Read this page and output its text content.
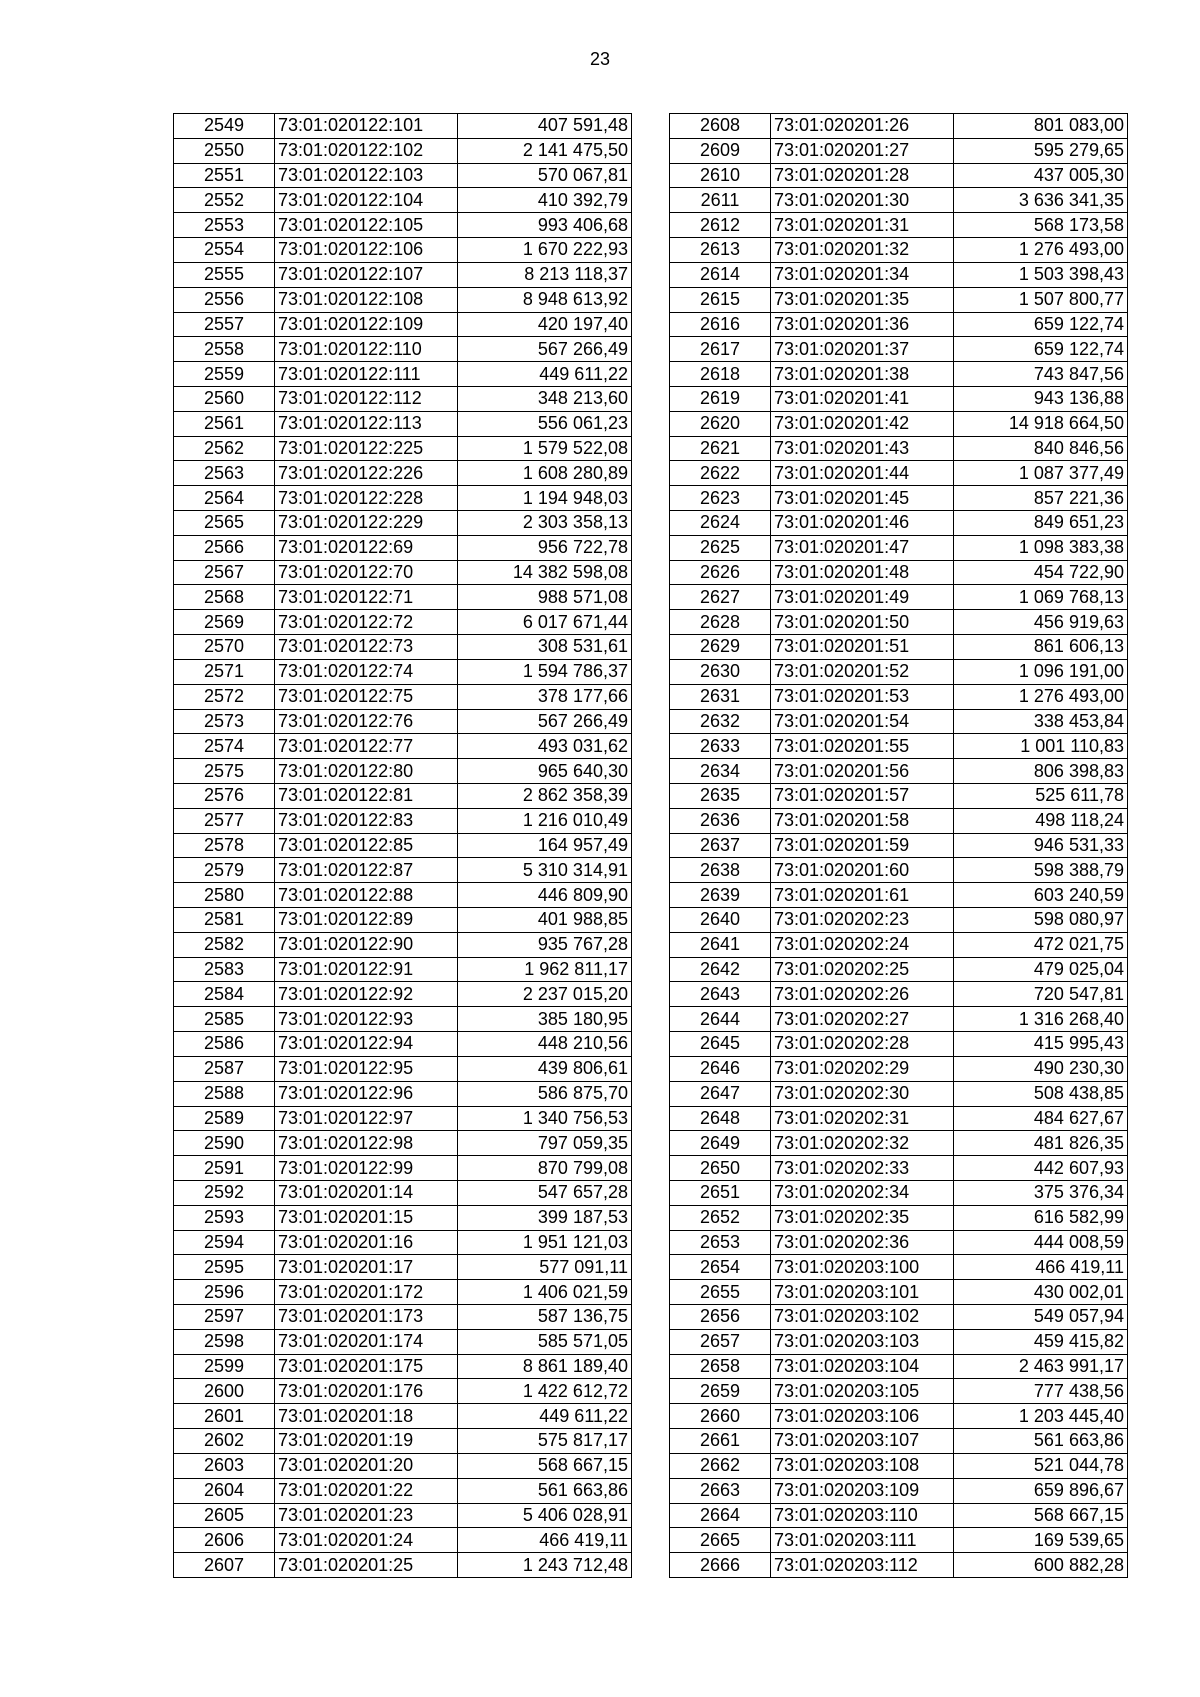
23
2549	73:01:020122:101	407 591,48
2550	73:01:020122:102	2 141 475,50
2551	73:01:020122:103	570 067,81
2552	73:01:020122:104	410 392,79
2553	73:01:020122:105	993 406,68
2554	73:01:020122:106	1 670 222,93
2555	73:01:020122:107	8 213 118,37
2556	73:01:020122:108	8 948 613,92
2557	73:01:020122:109	420 197,40
2558	73:01:020122:110	567 266,49
2559	73:01:020122:111	449 611,22
2560	73:01:020122:112	348 213,60
2561	73:01:020122:113	556 061,23
2562	73:01:020122:225	1 579 522,08
2563	73:01:020122:226	1 608 280,89
2564	73:01:020122:228	1 194 948,03
2565	73:01:020122:229	2 303 358,13
2566	73:01:020122:69	956 722,78
2567	73:01:020122:70	14 382 598,08
2568	73:01:020122:71	988 571,08
2569	73:01:020122:72	6 017 671,44
2570	73:01:020122:73	308 531,61
2571	73:01:020122:74	1 594 786,37
2572	73:01:020122:75	378 177,66
2573	73:01:020122:76	567 266,49
2574	73:01:020122:77	493 031,62
2575	73:01:020122:80	965 640,30
2576	73:01:020122:81	2 862 358,39
2577	73:01:020122:83	1 216 010,49
2578	73:01:020122:85	164 957,49
2579	73:01:020122:87	5 310 314,91
2580	73:01:020122:88	446 809,90
2581	73:01:020122:89	401 988,85
2582	73:01:020122:90	935 767,28
2583	73:01:020122:91	1 962 811,17
2584	73:01:020122:92	2 237 015,20
2585	73:01:020122:93	385 180,95
2586	73:01:020122:94	448 210,56
2587	73:01:020122:95	439 806,61
2588	73:01:020122:96	586 875,70
2589	73:01:020122:97	1 340 756,53
2590	73:01:020122:98	797 059,35
2591	73:01:020122:99	870 799,08
2592	73:01:020201:14	547 657,28
2593	73:01:020201:15	399 187,53
2594	73:01:020201:16	1 951 121,03
2595	73:01:020201:17	577 091,11
2596	73:01:020201:172	1 406 021,59
2597	73:01:020201:173	587 136,75
2598	73:01:020201:174	585 571,05
2599	73:01:020201:175	8 861 189,40
2600	73:01:020201:176	1 422 612,72
2601	73:01:020201:18	449 611,22
2602	73:01:020201:19	575 817,17
2603	73:01:020201:20	568 667,15
2604	73:01:020201:22	561 663,86
2605	73:01:020201:23	5 406 028,91
2606	73:01:020201:24	466 419,11
2607	73:01:020201:25	1 243 712,48
2608	73:01:020201:26	801 083,00
2609	73:01:020201:27	595 279,65
2610	73:01:020201:28	437 005,30
2611	73:01:020201:30	3 636 341,35
2612	73:01:020201:31	568 173,58
2613	73:01:020201:32	1 276 493,00
2614	73:01:020201:34	1 503 398,43
2615	73:01:020201:35	1 507 800,77
2616	73:01:020201:36	659 122,74
2617	73:01:020201:37	659 122,74
2618	73:01:020201:38	743 847,56
2619	73:01:020201:41	943 136,88
2620	73:01:020201:42	14 918 664,50
2621	73:01:020201:43	840 846,56
2622	73:01:020201:44	1 087 377,49
2623	73:01:020201:45	857 221,36
2624	73:01:020201:46	849 651,23
2625	73:01:020201:47	1 098 383,38
2626	73:01:020201:48	454 722,90
2627	73:01:020201:49	1 069 768,13
2628	73:01:020201:50	456 919,63
2629	73:01:020201:51	861 606,13
2630	73:01:020201:52	1 096 191,00
2631	73:01:020201:53	1 276 493,00
2632	73:01:020201:54	338 453,84
2633	73:01:020201:55	1 001 110,83
2634	73:01:020201:56	806 398,83
2635	73:01:020201:57	525 611,78
2636	73:01:020201:58	498 118,24
2637	73:01:020201:59	946 531,33
2638	73:01:020201:60	598 388,79
2639	73:01:020201:61	603 240,59
2640	73:01:020202:23	598 080,97
2641	73:01:020202:24	472 021,75
2642	73:01:020202:25	479 025,04
2643	73:01:020202:26	720 547,81
2644	73:01:020202:27	1 316 268,40
2645	73:01:020202:28	415 995,43
2646	73:01:020202:29	490 230,30
2647	73:01:020202:30	508 438,85
2648	73:01:020202:31	484 627,67
2649	73:01:020202:32	481 826,35
2650	73:01:020202:33	442 607,93
2651	73:01:020202:34	375 376,34
2652	73:01:020202:35	616 582,99
2653	73:01:020202:36	444 008,59
2654	73:01:020203:100	466 419,11
2655	73:01:020203:101	430 002,01
2656	73:01:020203:102	549 057,94
2657	73:01:020203:103	459 415,82
2658	73:01:020203:104	2 463 991,17
2659	73:01:020203:105	777 438,56
2660	73:01:020203:106	1 203 445,40
2661	73:01:020203:107	561 663,86
2662	73:01:020203:108	521 044,78
2663	73:01:020203:109	659 896,67
2664	73:01:020203:110	568 667,15
2665	73:01:020203:111	169 539,65
2666	73:01:020203:112	600 882,28
